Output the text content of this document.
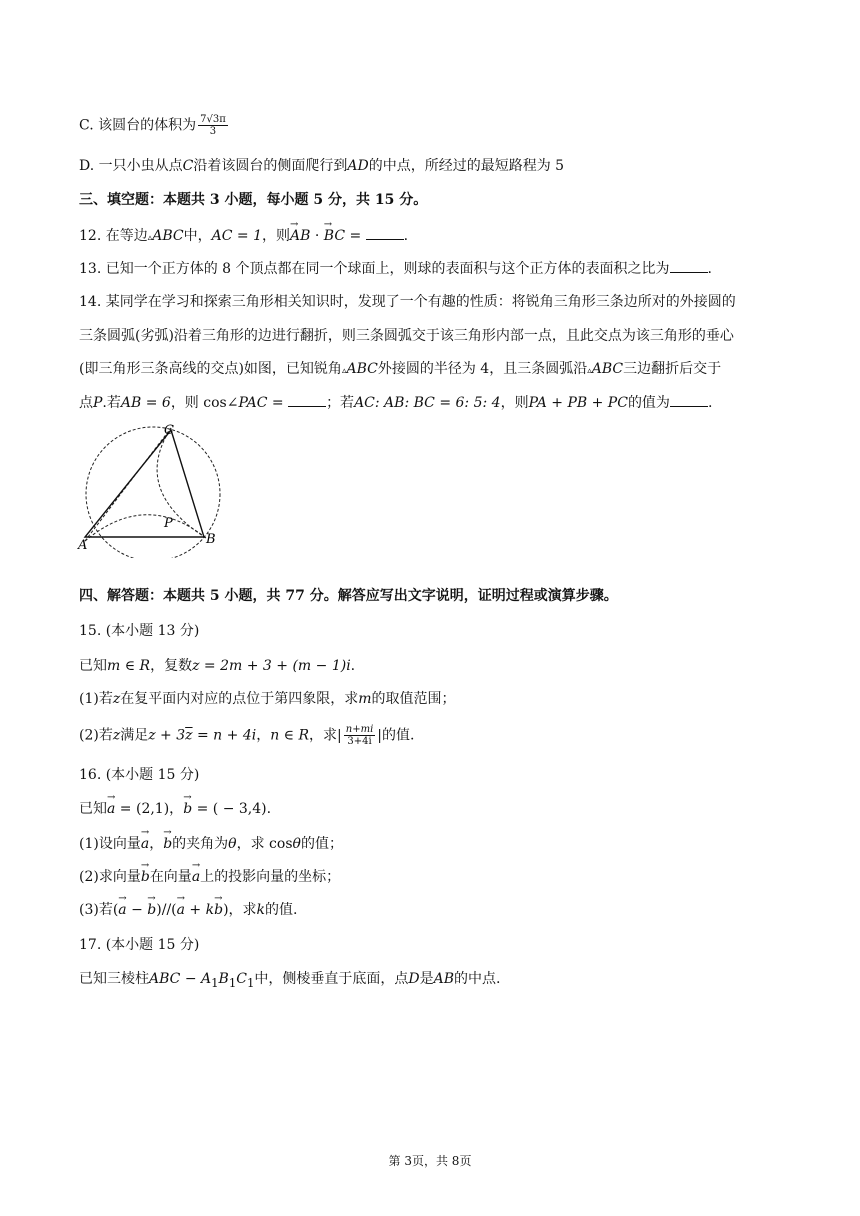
C. 该圆台的体积为 $\frac{7√3\pi}{3}$
D. 一只小虫从点C沿着该圆台的侧面爬行到AD的中点，所经过的最短路程为 5
三、填空题：本题共 3 小题，每小题 5 分，共 15 分。
12. 在等边▵ABC中，AC = 1，则→ AB · → BC =	.
13. 已知一个正方体的 8 个顶点都在同一个球面上，则球的表面积与这个正方体的表面积之比为	.
14. 某同学在学习和探索三角形相关知识时，发现了一个有趣的性质：将锐角三角形三条边所对的外接圆的
三条圆弧(劣弧)沿着三角形的边进行翻折，则三条圆弧交于该三角形内部一点，且此交点为该三角形的垂心
(即三角形三条高线的交点)如图，已知锐角▵ABC外接圆的半径为 4，且三条圆弧沿▵ABC三边翻折后交于
点P.若AB = 6，则 cos∠PAC =	；若AC: AB: BC = 6: 5: 4，则PA + PB + PC的值为	.
A	B
C
P
四、解答题：本题共 5 小题，共 77 分。解答应写出文字说明，证明过程或演算步骤。
15. (本小题 13 分)
已知m ∈ R，复数z = 2m + 3 + (m − 1)i.
(1)若z在复平面内对应的点位于第四象限，求m的取值范围；
(2)若z满足$z + 3\overline{z} = n + 4i$，n ∈ R，求| $\frac{n+mi}{3+4i}$ |的值.
16. (本小题 15 分)
已知→ a = (2,1)，→ b = ( − 3,4).
(1)设向量→ a，→ b的夹角为θ，求 cosθ的值；
(2)求向量→ b在向量→ a上的投影向量的坐标；
(3)若(→ a − → b)//(→ a + k→ b)，求k的值.
17. (本小题 15 分)
已知三棱柱ABC − $A_1B_1C_1$中，侧棱垂直于底面，点D是AB的中点.
第 3页，共 8页
